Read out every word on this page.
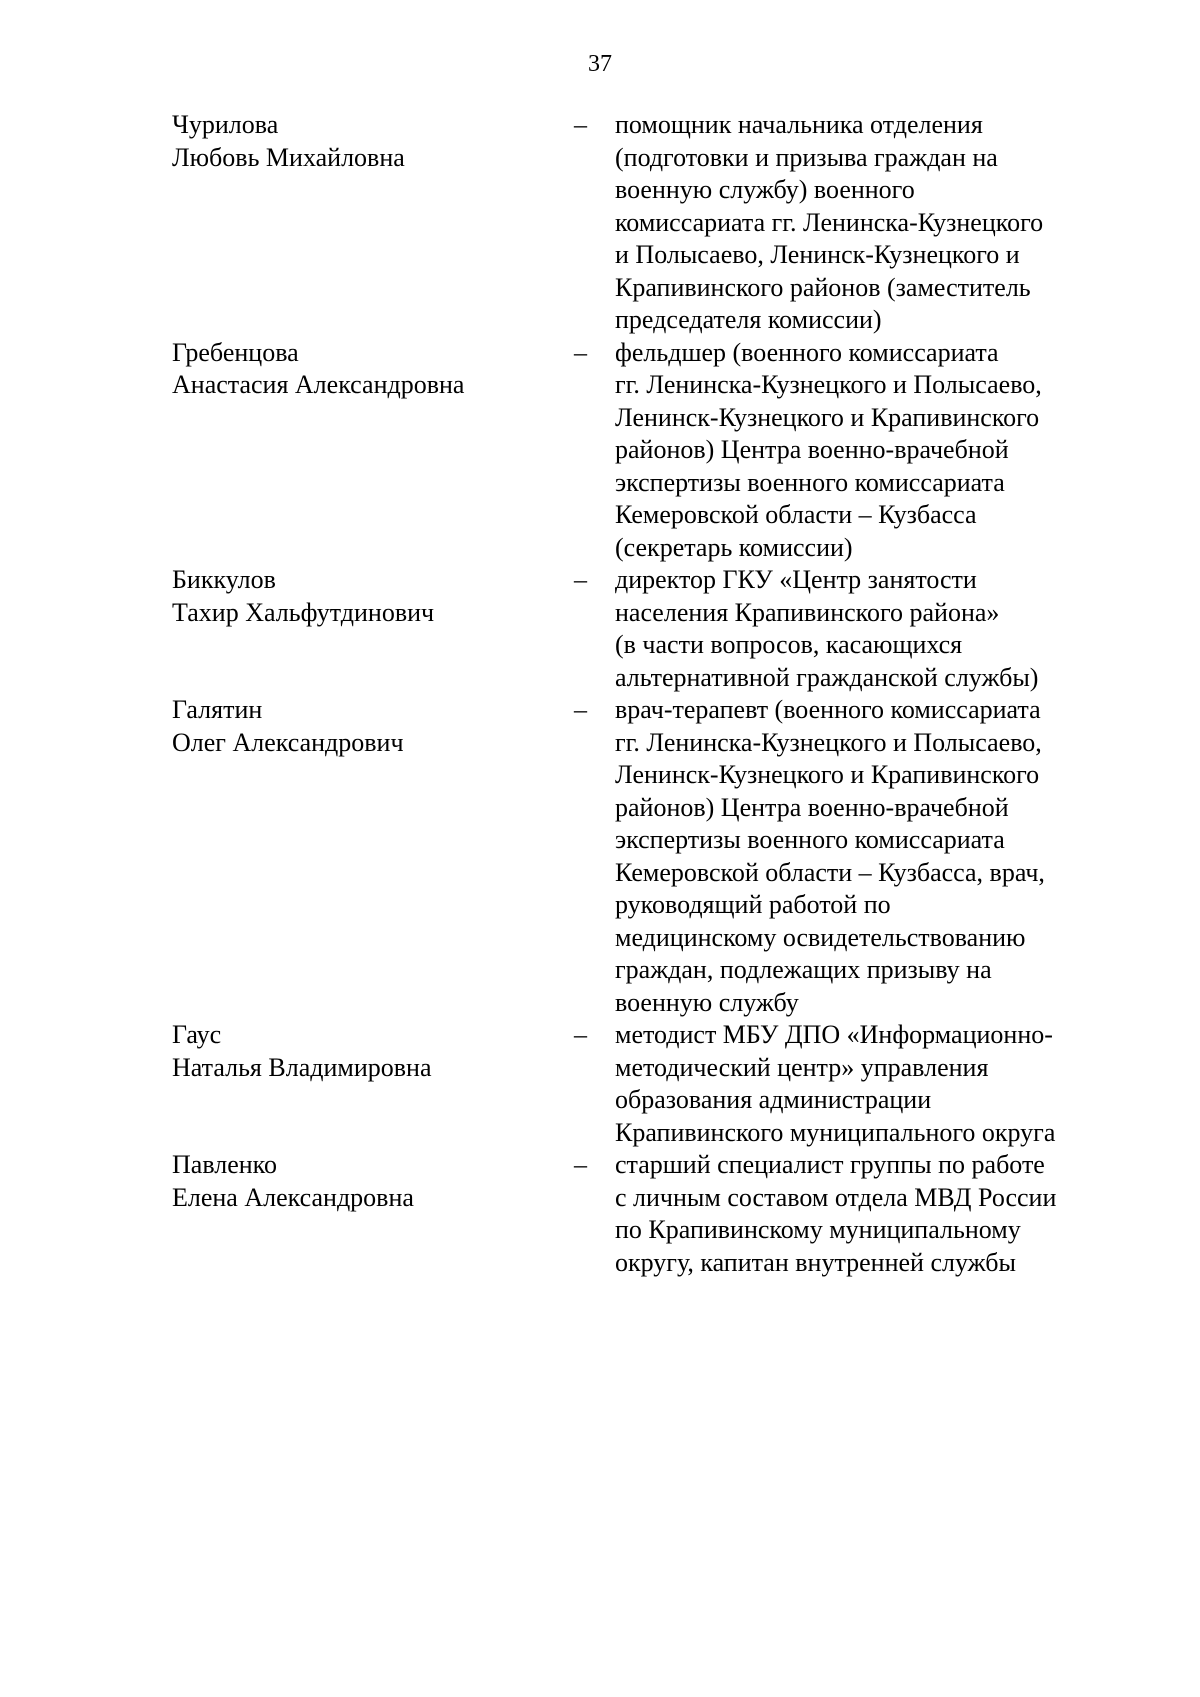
37
Чурилова
Любовь Михайловна
– помощник начальника отделения
(подготовки и призыва граждан на
военную службу) военного
комиссариата гг. Ленинска-Кузнецкого
и Полысаево, Ленинск-Кузнецкого и
Крапивинского районов (заместитель
председателя комиссии)
Гребенцова
Анастасия Александровна
– фельдшер (военного комиссариата
гг. Ленинска-Кузнецкого и Полысаево,
Ленинск-Кузнецкого и Крапивинского
районов) Центра военно-врачебной
экспертизы военного комиссариата
Кемеровской области – Кузбасса
(секретарь комиссии)
Биккулов
Тахир Хальфутдинович
– директор ГКУ «Центр занятости
населения Крапивинского района»
(в части вопросов, касающихся
альтернативной гражданской службы)
Галятин
Олег Александрович
– врач-терапевт (военного комиссариата
гг. Ленинска-Кузнецкого и Полысаево,
Ленинск-Кузнецкого и Крапивинского
районов) Центра военно-врачебной
экспертизы военного комиссариата
Кемеровской области – Кузбасса, врач,
руководящий работой по
медицинскому освидетельствованию
граждан, подлежащих призыву на
военную службу
Гаус
Наталья Владимировна
– методист МБУ ДПО «Информационно-
методический центр» управления
образования администрации
Крапивинского муниципального округа
Павленко
Елена Александровна
– старший специалист группы по работе
с личным составом отдела МВД России
по Крапивинскому муниципальному
округу, капитан внутренней службы
